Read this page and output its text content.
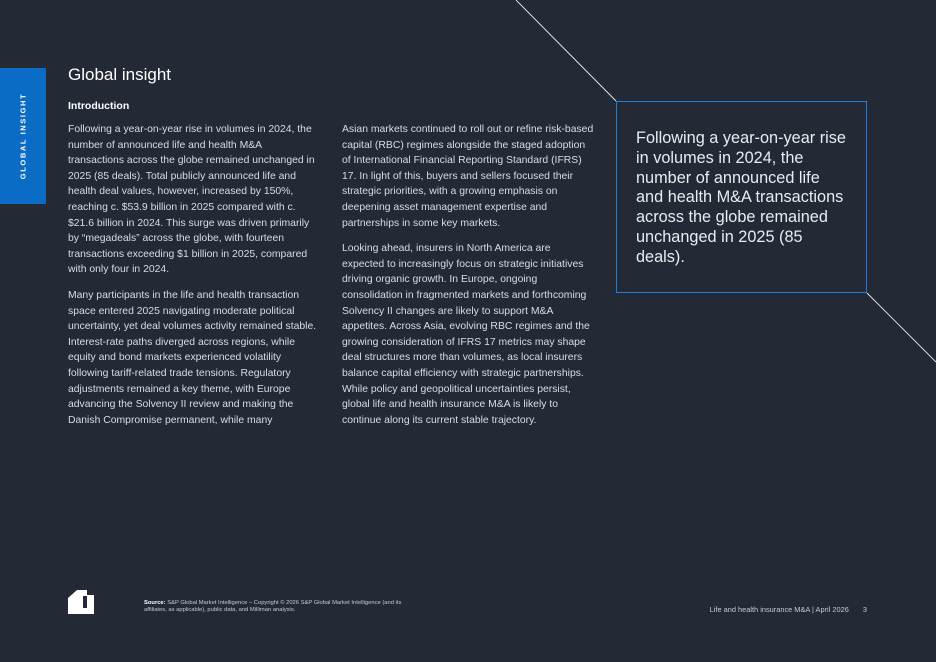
GLOBAL INSIGHT
Global insight
Introduction

Following a year-on-year rise in volumes in 2024, the number of announced life and health M&A transactions across the globe remained unchanged in 2025 (85 deals). Total publicly announced life and health deal values, however, increased by 150%, reaching c. $53.9 billion in 2025 compared with c. $21.6 billion in 2024. This surge was driven primarily by “megadeals” across the globe, with fourteen transactions exceeding $1 billion in 2025, compared with only four in 2024.

Many participants in the life and health transaction space entered 2025 navigating moderate political uncertainty, yet deal volumes activity remained stable. Interest-rate paths diverged across regions, while equity and bond markets experienced volatility following tariff-related trade tensions. Regulatory adjustments remained a key theme, with Europe advancing the Solvency II review and making the Danish Compromise permanent, while many

Asian markets continued to roll out or refine risk-based capital (RBC) regimes alongside the staged adoption of International Financial Reporting Standard (IFRS) 17. In light of this, buyers and sellers focused their strategic priorities, with a growing emphasis on deepening asset management expertise and partnerships in some key markets.

Looking ahead, insurers in North America are expected to increasingly focus on strategic initiatives driving organic growth. In Europe, ongoing consolidation in fragmented markets and forthcoming Solvency II changes are likely to support M&A appetites. Across Asia, evolving RBC regimes and the growing consideration of IFRS 17 metrics may shape deal structures more than volumes, as local insurers balance capital efficiency with strategic partnerships. While policy and geopolitical uncertainties persist, global life and health insurance M&A is likely to continue along its current stable trajectory.

Following a year-on-year rise in volumes in 2024, the number of announced life and health M&A transactions across the globe remained unchanged in 2025 (85 deals).
Source: S&P Global Market Intelligence – Copyright © 2026 S&P Global Market Intelligence (and its affiliates, as applicable), public data, and Milliman analysis.	Life and health insurance M&A | April 2026 3
